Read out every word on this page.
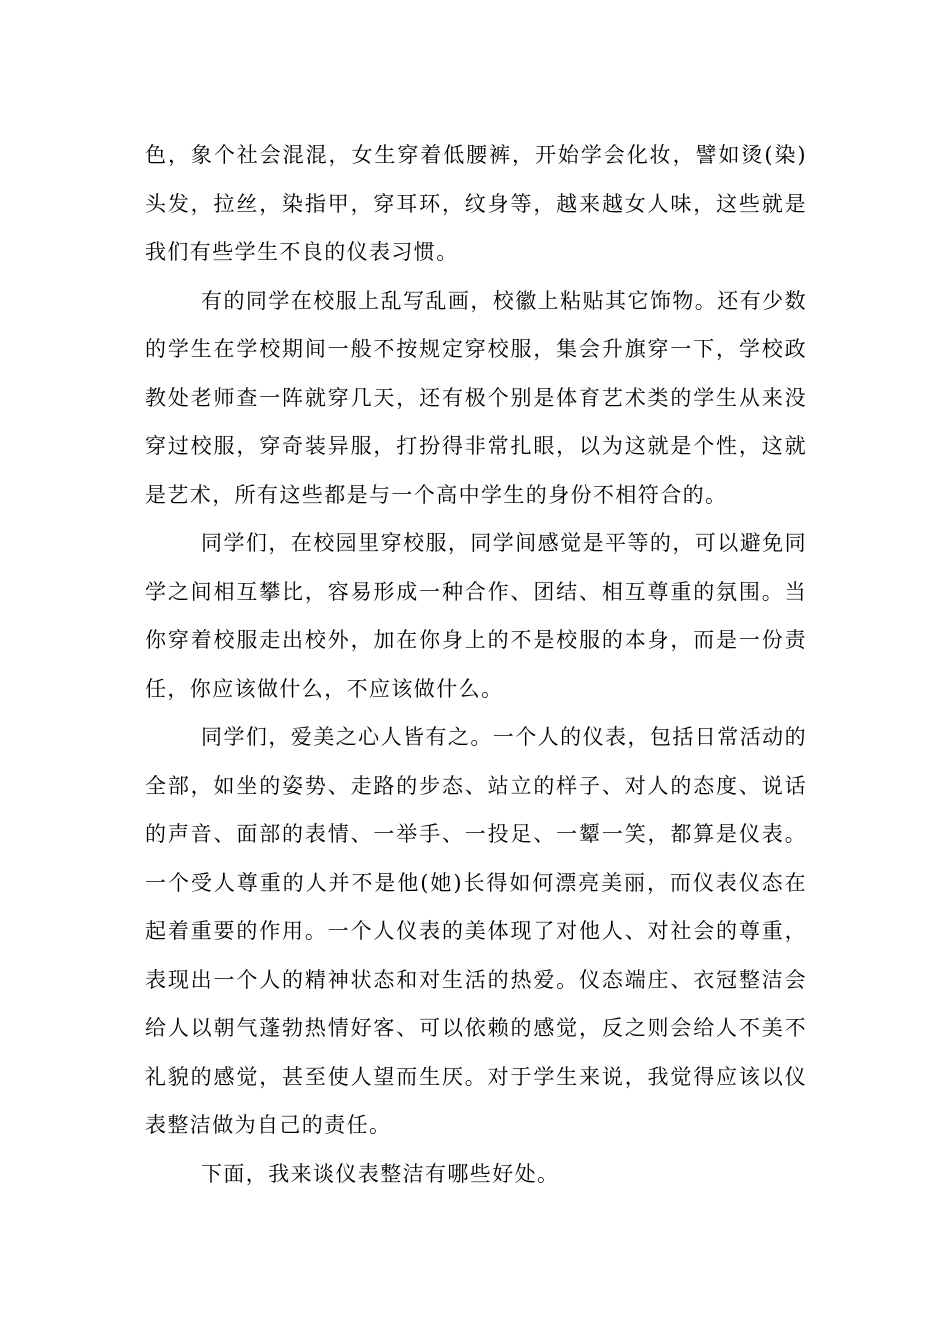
色，象个社会混混，女生穿着低腰裤，开始学会化妆，譬如烫(染)头发，拉丝，染指甲，穿耳环，纹身等，越来越女人味，这些就是我们有些学生不良的仪表习惯。

有的同学在校服上乱写乱画，校徽上粘贴其它饰物。还有少数的学生在学校期间一般不按规定穿校服，集会升旗穿一下，学校政教处老师查一阵就穿几天，还有极个别是体育艺术类的学生从来没穿过校服，穿奇装异服，打扮得非常扎眼，以为这就是个性，这就是艺术，所有这些都是与一个高中学生的身份不相符合的。

同学们，在校园里穿校服，同学间感觉是平等的，可以避免同学之间相互攀比，容易形成一种合作、团结、相互尊重的氛围。当你穿着校服走出校外，加在你身上的不是校服的本身，而是一份责任，你应该做什么，不应该做什么。

同学们，爱美之心人皆有之。一个人的仪表，包括日常活动的全部，如坐的姿势、走路的步态、站立的样子、对人的态度、说话的声音、面部的表情、一举手、一投足、一颦一笑，都算是仪表。一个受人尊重的人并不是他(她)长得如何漂亮美丽，而仪表仪态在起着重要的作用。一个人仪表的美体现了对他人、对社会的尊重，表现出一个人的精神状态和对生活的热爱。仪态端庄、衣冠整洁会给人以朝气蓬勃热情好客、可以依赖的感觉，反之则会给人不美不礼貌的感觉，甚至使人望而生厌。对于学生来说，我觉得应该以仪表整洁做为自己的责任。

下面，我来谈仪表整洁有哪些好处。
